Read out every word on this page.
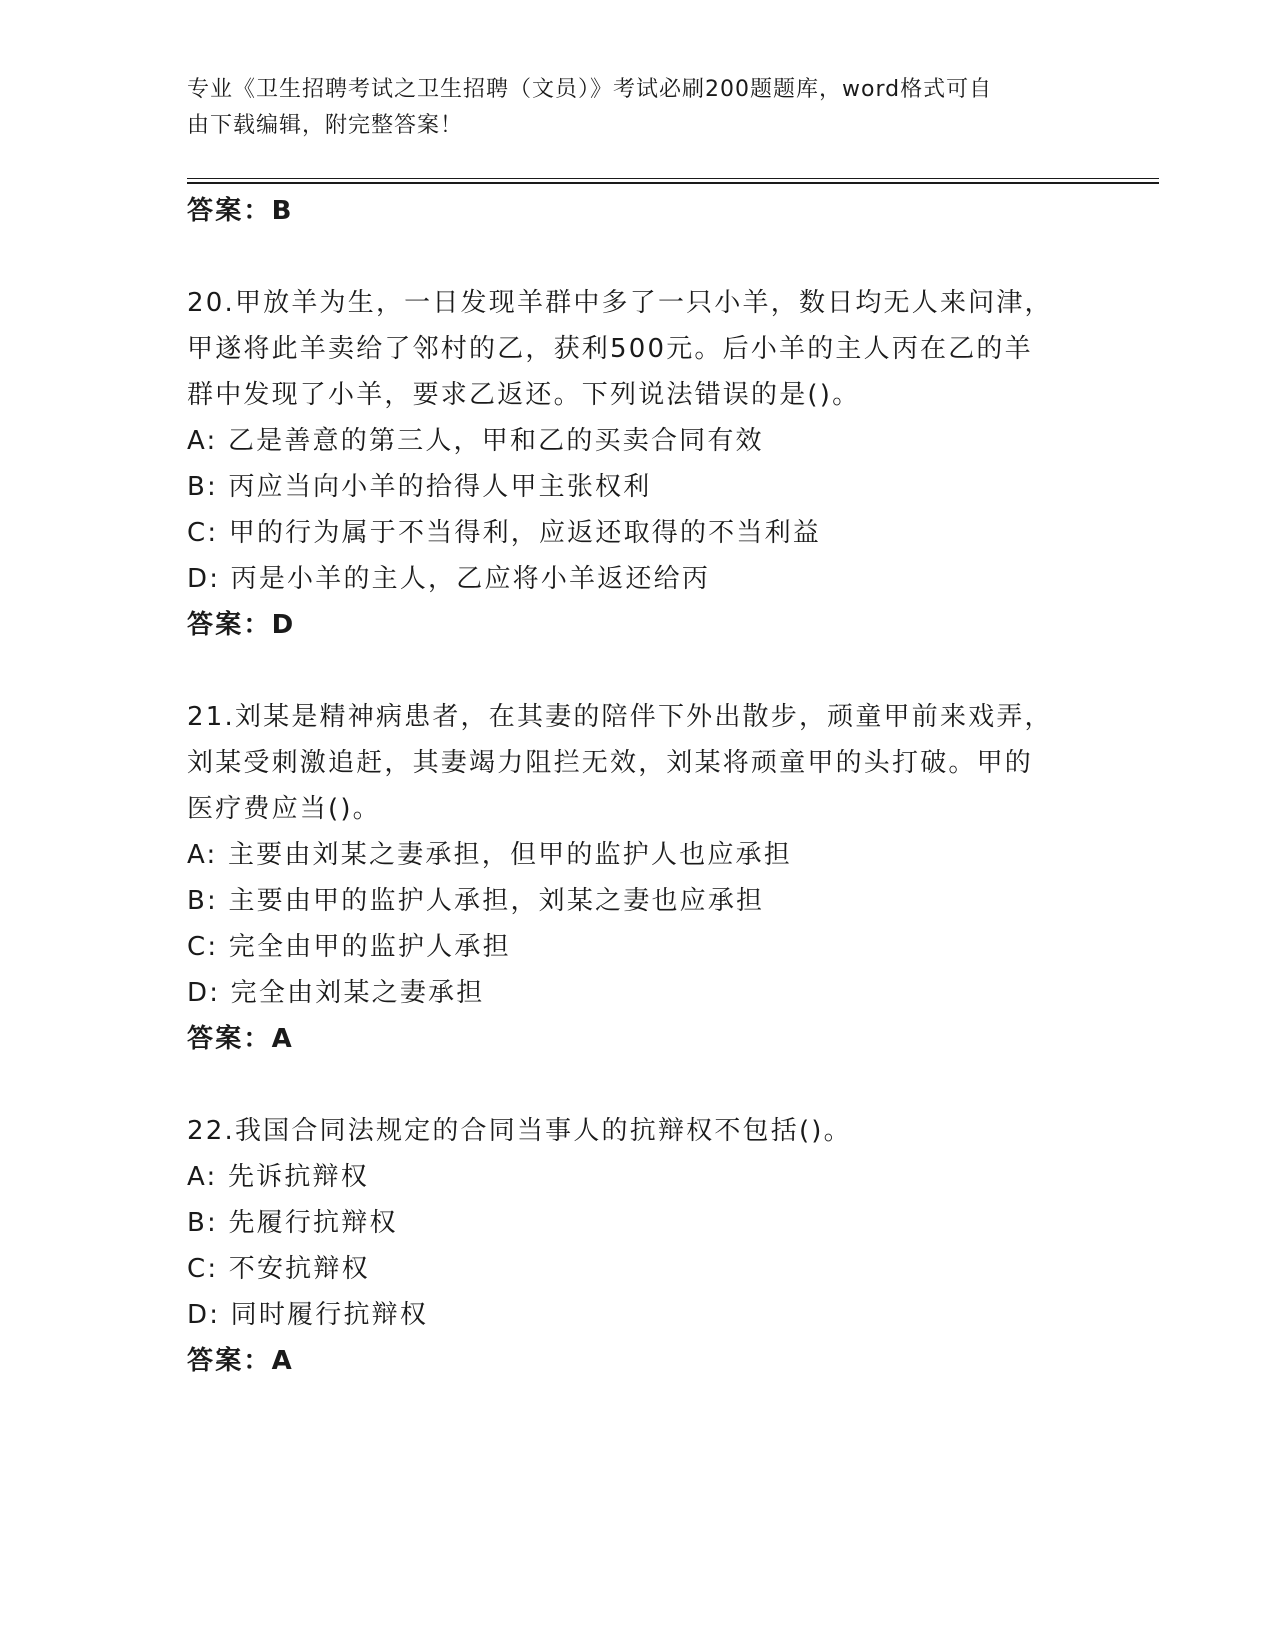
专业《卫生招聘考试之卫生招聘（文员）》考试必刷200题题库，word格式可自
由下载编辑，附完整答案！
答案：B
20.甲放羊为生，一日发现羊群中多了一只小羊，数日均无人来问津，
甲遂将此羊卖给了邻村的乙，获利500元。后小羊的主人丙在乙的羊
群中发现了小羊，要求乙返还。下列说法错误的是()。
A: 乙是善意的第三人，甲和乙的买卖合同有效
B: 丙应当向小羊的拾得人甲主张权利
C: 甲的行为属于不当得利，应返还取得的不当利益
D: 丙是小羊的主人，乙应将小羊返还给丙
答案：D
21.刘某是精神病患者，在其妻的陪伴下外出散步，顽童甲前来戏弄，
刘某受刺激追赶，其妻竭力阻拦无效，刘某将顽童甲的头打破。甲的
医疗费应当()。
A: 主要由刘某之妻承担，但甲的监护人也应承担
B: 主要由甲的监护人承担，刘某之妻也应承担
C: 完全由甲的监护人承担
D: 完全由刘某之妻承担
答案：A
22.我国合同法规定的合同当事人的抗辩权不包括()。
A: 先诉抗辩权
B: 先履行抗辩权
C: 不安抗辩权
D: 同时履行抗辩权
答案：A
